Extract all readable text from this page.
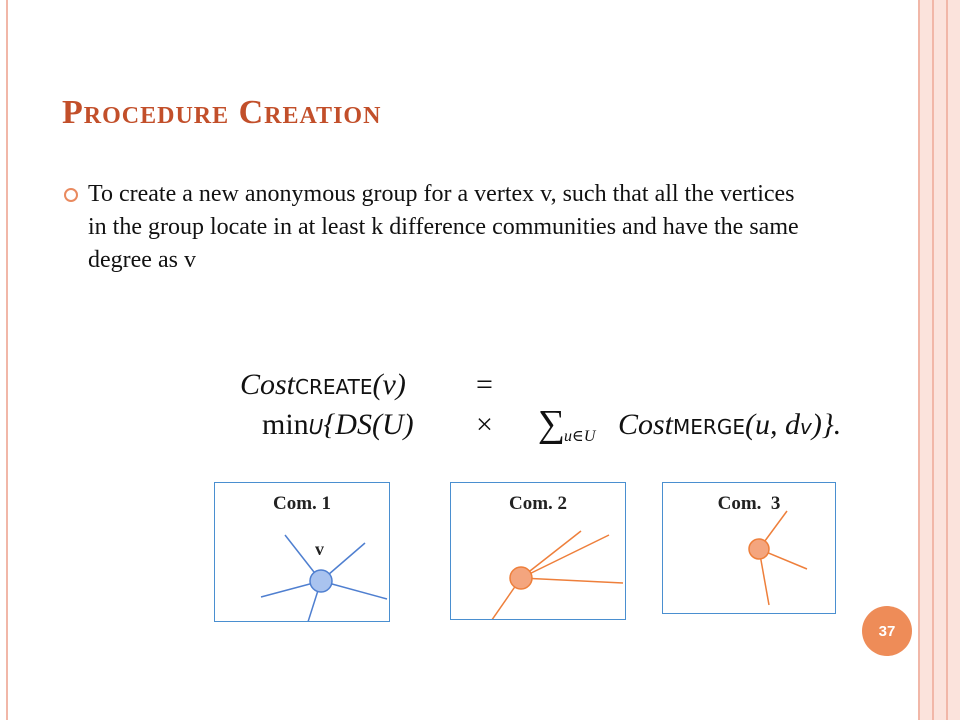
Procedure Creation
To create a new anonymous group for a vertex v, such that all the vertices in the group locate in at least k difference communities and have the same degree as v
CostCREATE(v) =
minU{DS(U) × ∑
u∈U CostMERGE(u, dv)}.
Com. 1
v
Com. 2	Com.  3
37
